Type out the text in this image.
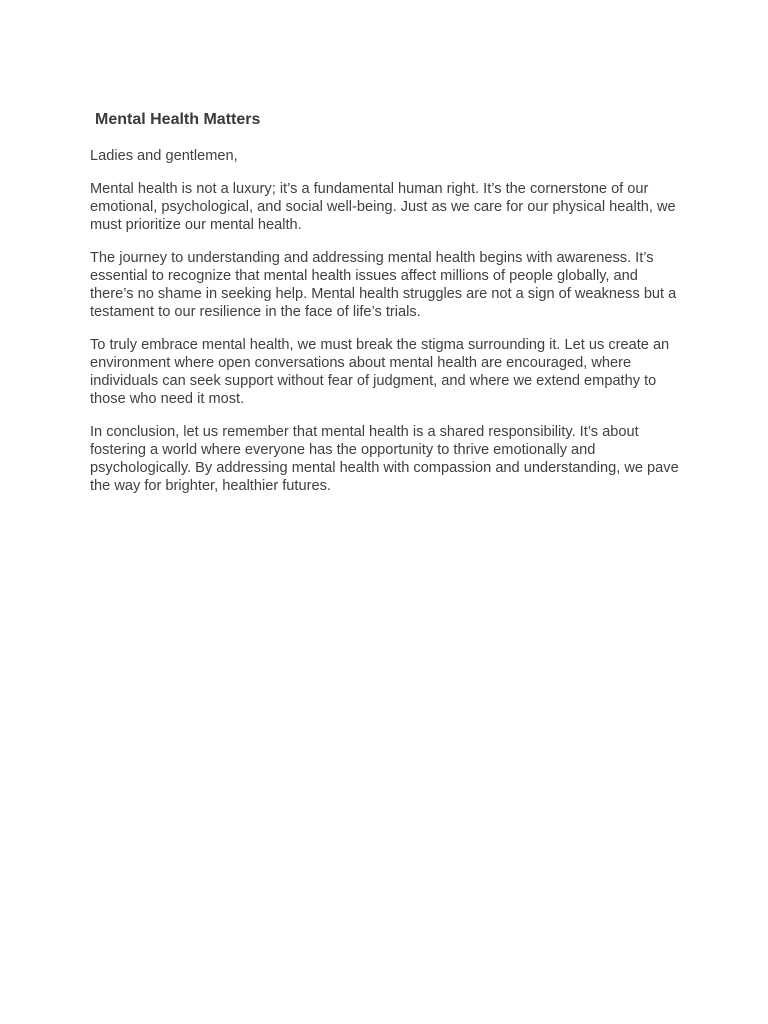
Mental Health Matters

Ladies and gentlemen,

Mental health is not a luxury; it’s a fundamental human right. It’s the cornerstone of our emotional, psychological, and social well-being. Just as we care for our physical health, we must prioritize our mental health.

The journey to understanding and addressing mental health begins with awareness. It’s essential to recognize that mental health issues affect millions of people globally, and there’s no shame in seeking help. Mental health struggles are not a sign of weakness but a testament to our resilience in the face of life’s trials.

To truly embrace mental health, we must break the stigma surrounding it. Let us create an environment where open conversations about mental health are encouraged, where individuals can seek support without fear of judgment, and where we extend empathy to those who need it most.

In conclusion, let us remember that mental health is a shared responsibility. It’s about fostering a world where everyone has the opportunity to thrive emotionally and psychologically. By addressing mental health with compassion and understanding, we pave the way for brighter, healthier futures.
